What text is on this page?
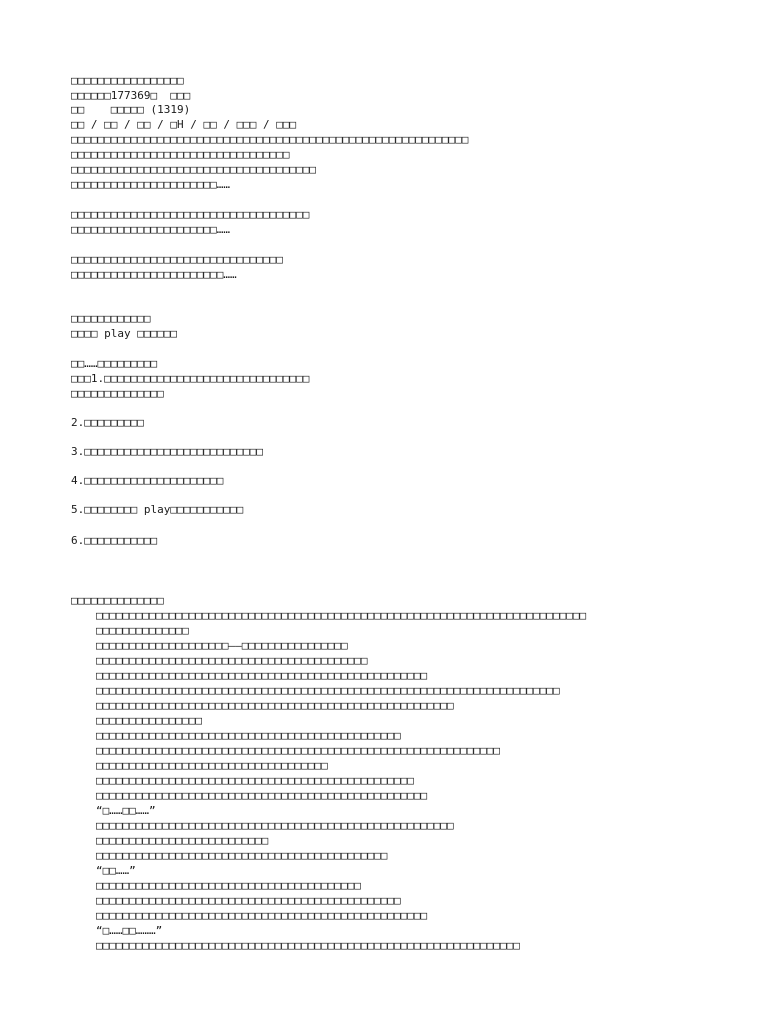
□□□□□□□□□□□□□□□□□
□□□□□□177369□  □□□
□□    □□□□□ (1319)
□□ / □□ / □□ / □H / □□ / □□□ / □□□
□□□□□□□□□□□□□□□□□□□□□□□□□□□□□□□□□□□□□□□□□□□□□□□□□□□□□□□□□□□□
□□□□□□□□□□□□□□□□□□□□□□□□□□□□□□□□□
□□□□□□□□□□□□□□□□□□□□□□□□□□□□□□□□□□□□□
□□□□□□□□□□□□□□□□□□□□□□……
□□□□□□□□□□□□□□□□□□□□□□□□□□□□□□□□□□□□
□□□□□□□□□□□□□□□□□□□□□□……
□□□□□□□□□□□□□□□□□□□□□□□□□□□□□□□□
□□□□□□□□□□□□□□□□□□□□□□□……
□□□□□□□□□□□□
□□□□ play □□□□□□
□□……□□□□□□□□□
□□□1.□□□□□□□□□□□□□□□□□□□□□□□□□□□□□□□
□□□□□□□□□□□□□□
2.□□□□□□□□□
3.□□□□□□□□□□□□□□□□□□□□□□□□□□□
4.□□□□□□□□□□□□□□□□□□□□□
5.□□□□□□□□ play□□□□□□□□□□□
6.□□□□□□□□□□□
□□□□□□□□□□□□□□
□□□□□□□□□□□□□□□□□□□□□□□□□□□□□□□□□□□□□□□□□□□□□□□□□□□□□□□□□□□□□□□□□□□□□□□□□□
□□□□□□□□□□□□□□
□□□□□□□□□□□□□□□□□□□□——□□□□□□□□□□□□□□□□
□□□□□□□□□□□□□□□□□□□□□□□□□□□□□□□□□□□□□□□□□
□□□□□□□□□□□□□□□□□□□□□□□□□□□□□□□□□□□□□□□□□□□□□□□□□□
□□□□□□□□□□□□□□□□□□□□□□□□□□□□□□□□□□□□□□□□□□□□□□□□□□□□□□□□□□□□□□□□□□□□□□
□□□□□□□□□□□□□□□□□□□□□□□□□□□□□□□□□□□□□□□□□□□□□□□□□□□□□□
□□□□□□□□□□□□□□□□
□□□□□□□□□□□□□□□□□□□□□□□□□□□□□□□□□□□□□□□□□□□□□□
□□□□□□□□□□□□□□□□□□□□□□□□□□□□□□□□□□□□□□□□□□□□□□□□□□□□□□□□□□□□□
□□□□□□□□□□□□□□□□□□□□□□□□□□□□□□□□□□□
□□□□□□□□□□□□□□□□□□□□□□□□□□□□□□□□□□□□□□□□□□□□□□□□
□□□□□□□□□□□□□□□□□□□□□□□□□□□□□□□□□□□□□□□□□□□□□□□□□□
“□……□□……”
□□□□□□□□□□□□□□□□□□□□□□□□□□□□□□□□□□□□□□□□□□□□□□□□□□□□□□
□□□□□□□□□□□□□□□□□□□□□□□□□□
□□□□□□□□□□□□□□□□□□□□□□□□□□□□□□□□□□□□□□□□□□□□
“□□……”
□□□□□□□□□□□□□□□□□□□□□□□□□□□□□□□□□□□□□□□□
□□□□□□□□□□□□□□□□□□□□□□□□□□□□□□□□□□□□□□□□□□□□□□
□□□□□□□□□□□□□□□□□□□□□□□□□□□□□□□□□□□□□□□□□□□□□□□□□□
“□……□□………”
□□□□□□□□□□□□□□□□□□□□□□□□□□□□□□□□□□□□□□□□□□□□□□□□□□□□□□□□□□□□□□□□
